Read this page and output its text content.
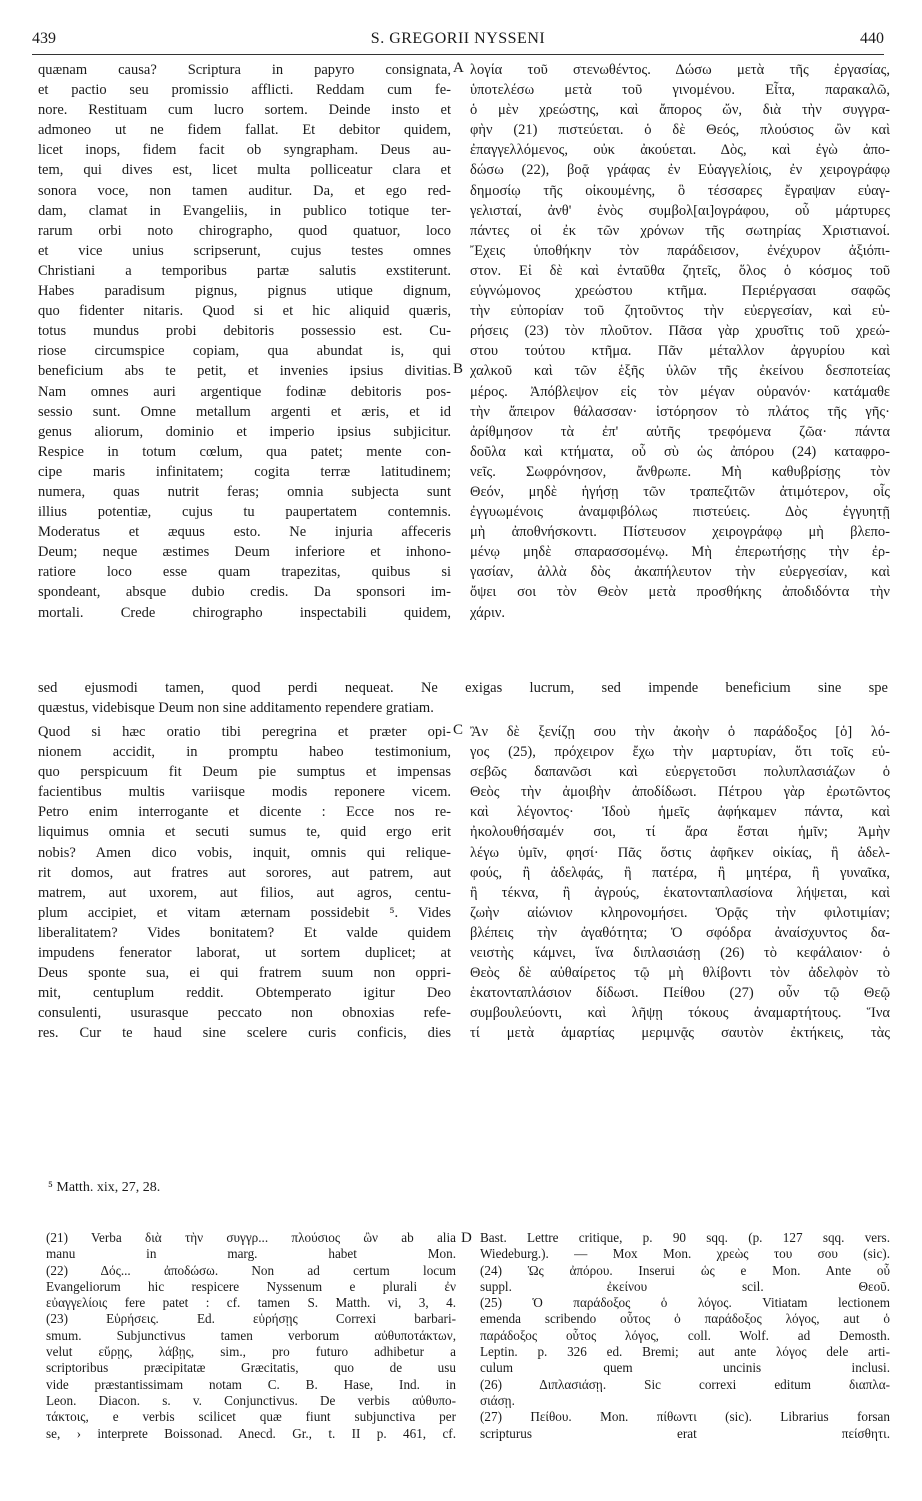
439	S. GREGORII NYSSENI	440
quænam causa? Scriptura in papyro consignata,
et pactio seu promissio afflicti. Reddam cum fe-
nore. Restituam cum lucro sortem. Deinde insto et
admoneo ut ne fidem fallat. Et debitor quidem,
licet inops, fidem facit ob syngrapham. Deus au-
tem, qui dives est, licet multa polliceatur clara et
sonora voce, non tamen auditur. Da, et ego red-
dam, clamat in Evangeliis, in publico totique ter-
rarum orbi noto chirographo, quod quatuor, loco
et vice unius scripserunt, cujus testes omnes
Christiani a temporibus partæ salutis exstiterunt.
Habes paradisum pignus, pignus utique dignum,
quo fidenter nitaris. Quod si et hic aliquid quæris,
totus mundus probi debitoris possessio est. Cu-
riose circumspice copiam, qua abundat is, qui
beneficium abs te petit, et invenies ipsius divitias.
Nam omnes auri argentique fodinæ debitoris pos-
sessio sunt. Omne metallum argenti et æris, et id
genus aliorum, dominio et imperio ipsius subjicitur.
Respice in totum cœlum, qua patet; mente con-
cipe maris infinitatem; cogita terræ latitudinem;
numera, quas nutrit feras; omnia subjecta sunt
illius potentiæ, cujus tu paupertatem contemnis.
Moderatus et æquus esto. Ne injuria affeceris
Deum; neque æstimes Deum inferiore et inhono-
ratiore loco esse quam trapezitas, quibus si
spondeant, absque dubio credis. Da sponsori im-
mortali. Crede chirographo inspectabili quidem,
λογία τοῦ στενωθέντος. Δώσω μετὰ τῆς ἐργασίας,
ὑποτελέσω μετὰ τοῦ γινομένου. Εἶτα, παρακαλῶ,
ὁ μὲν χρεώστης, καὶ ἄπορος ὤν, διὰ τὴν συγγρα-
φὴν (21) πιστεύεται. ὁ δὲ Θεός, πλούσιος ὢν καὶ
ἐπαγγελλόμενος, οὐκ ἀκούεται. Δὸς, καὶ ἐγὼ ἀπο-
δώσω (22), βοᾷ γράφας ἐν Εὐαγγελίοις, ἐν χειρογράφῳ
δημοσίῳ τῆς οἰκουμένης, ὃ τέσσαρες ἔγραψαν εὐαγ-
γελισταί, ἀνθ' ἑνὸς συμβολ[αι]ογράφου, οὗ μάρτυρες
πάντες οἱ ἐκ τῶν χρόνων τῆς σωτηρίας Χριστιανοί.
Ἔχεις ὑποθήκην τὸν παράδεισον, ἐνέχυρον ἀξιόπι-
στον. Εἰ δὲ καὶ ἐνταῦθα ζητεῖς, ὅλος ὁ κόσμος τοῦ
εὐγνώμονος χρεώστου κτῆμα. Περιέργασαι σαφῶς
τὴν εὐπορίαν τοῦ ζητοῦντος τὴν εὐεργεσίαν, καὶ εὑ-
ρήσεις (23) τὸν πλοῦτον. Πᾶσα γὰρ χρυσῖτις τοῦ χρεώ-
στου τούτου κτῆμα. Πᾶν μέταλλον ἀργυρίου καὶ
χαλκοῦ καὶ τῶν ἑξῆς ὑλῶν τῆς ἐκείνου δεσποτείας
μέρος. Ἀπόβλεψον εἰς τὸν μέγαν οὐρανόν· κατάμαθε
τὴν ἄπειρον θάλασσαν· ἱστόρησον τὸ πλάτος τῆς γῆς·
ἀρίθμησον τὰ ἐπ' αὐτῆς τρεφόμενα ζῶα· πάντα
δοῦλα καὶ κτήματα, οὗ σὺ ὡς ἀπόρου (24) καταφρο-
νεῖς. Σωφρόνησον, ἄνθρωπε. Μὴ καθυβρίσῃς τὸν
Θεόν, μηδὲ ἡγήσῃ τῶν τραπεζιτῶν ἀτιμότερον, οἷς
ἐγγυωμένοις ἀναμφιβόλως πιστεύεις. Δὸς ἐγγυητῇ
μὴ ἀποθνήσκοντι. Πίστευσον χειρογράφῳ μὴ βλεπο-
μένῳ μηδὲ σπαρασσομένῳ. Μὴ ἐπερωτήσῃς τὴν ἐρ-
γασίαν, ἀλλὰ δὸς ἀκαπήλευτον τὴν εὐεργεσίαν, καὶ
ὄψει σοι τὸν Θεὸν μετὰ προσθήκης ἀποδιδόντα τὴν
χάριν.
A
B
sed ejusmodi tamen, quod perdi nequeat. Ne exigas lucrum, sed impende beneficium sine spe
quæstus, videbisque Deum non sine additamento rependere gratiam.
Quod si hæc oratio tibi peregrina et præter opi-
nionem accidit, in promptu habeo testimonium,
quo perspicuum fit Deum pie sumptus et impensas
facientibus multis variisque modis reponere vicem.
Petro enim interrogante et dicente : Ecce nos re-
liquimus omnia et secuti sumus te, quid ergo erit
nobis? Amen dico vobis, inquit, omnis qui relique-
rit domos, aut fratres aut sorores, aut patrem, aut
matrem, aut uxorem, aut filios, aut agros, centu-
plum accipiet, et vitam æternam possidebit ⁵. Vides
liberalitatem? Vides bonitatem? Et valde quidem
impudens fenerator laborat, ut sortem duplicet; at
Deus sponte sua, ei qui fratrem suum non oppri-
mit, centuplum reddit. Obtemperato igitur Deo
consulenti, usurasque peccato non obnoxias refe-
res. Cur te haud sine scelere curis conficis, dies
Ἂν δὲ ξενίζῃ σου τὴν ἀκοὴν ὁ παράδοξος [ὁ] λό-
γος (25), πρόχειρον ἔχω τὴν μαρτυρίαν, ὅτι τοῖς εὐ-
σεβῶς δαπανῶσι καὶ εὐεργετοῦσι πολυπλασιάζων ὁ
Θεὸς τὴν ἀμοιβὴν ἀποδίδωσι. Πέτρου γὰρ ἐρωτῶντος
καὶ λέγοντος· Ἰδοὺ ἡμεῖς ἀφήκαμεν πάντα, καὶ
ἠκολουθήσαμέν σοι, τί ἄρα ἔσται ἡμῖν; Ἀμὴν
λέγω ὑμῖν, φησί· Πᾶς ὅστις ἀφῆκεν οἰκίας, ἢ ἀδελ-
φούς, ἢ ἀδελφάς, ἢ πατέρα, ἢ μητέρα, ἢ γυναῖκα,
ἢ τέκνα, ἢ ἀγρούς, ἑκατονταπλασίονα λήψεται, καὶ
ζωὴν αἰώνιον κληρονομήσει. Ὁρᾷς τὴν φιλοτιμίαν;
βλέπεις τὴν ἀγαθότητα; Ὁ σφόδρα ἀναίσχυντος δα-
νειστὴς κάμνει, ἵνα διπλασιάσῃ (26) τὸ κεφάλαιον· ὁ
Θεὸς δὲ αὐθαίρετος τῷ μὴ θλίβοντι τὸν ἀδελφὸν τὸ
ἑκατονταπλάσιον δίδωσι. Πείθου (27) οὖν τῷ Θεῷ
συμβουλεύοντι, καὶ λῆψῃ τόκους ἀναμαρτήτους. Ἵνα
τί μετὰ ἁμαρτίας μεριμνᾷς σαυτὸν ἐκτήκεις, τὰς
C
⁵ Matth. xix, 27, 28.
(21) Verba διὰ τὴν συγγρ... πλούσιος ὢν ab alia
manu in marg. habet Mon.
(22) Δός... ἀποδώσω. Non ad certum locum
Evangeliorum hic respicere Nyssenum e plurali ἐν
εὐαγγελίοις fere patet : cf. tamen S. Matth. vi, 3, 4.
(23) Εὑρήσεις. Ed. εὑρήσῃς Correxi barbari-
smum. Subjunctivus tamen verborum αὐθυποτάκτων,
velut εὕρῃς, λάβῃς, sim., pro futuro adhibetur a
scriptoribus præcipitatæ Græcitatis, quo de usu
vide præstantissimam notam C. B. Hase, Ind. in
Leon. Diacon. s. v. Conjunctivus. De verbis αὐθυπο-
τάκτοις, e verbis scilicet quæ fiunt subjunctiva per
se, › interprete Boissonad. Anecd. Gr., t. II p. 461, cf.
D Bast. Lettre critique, p. 90 sqq. (p. 127 sqq. vers.
Wiedeburg.). — Mox Mon. χρεὼς του σου (sic).
(24) Ὡς ἀπόρου. Inserui ὡς e Mon. Ante οὗ
suppl. ἐκείνου scil. Θεοῦ.
(25) Ὁ παράδοξος ὁ λόγος. Vitiatam lectionem
emenda scribendo οὗτος ὁ παράδοξος λόγος, aut ὁ
παράδοξος οὗτος λόγος, coll. Wolf. ad Demosth.
Leptin. p. 326 ed. Bremi; aut ante λόγος dele arti-
culum quem uncinis inclusi.
(26) Διπλασιάσῃ. Sic correxi editum διαπλα-
σιάσῃ.
(27) Πείθου. Mon. πίθωντι (sic). Librarius forsan
scripturus erat πείσθητι.
